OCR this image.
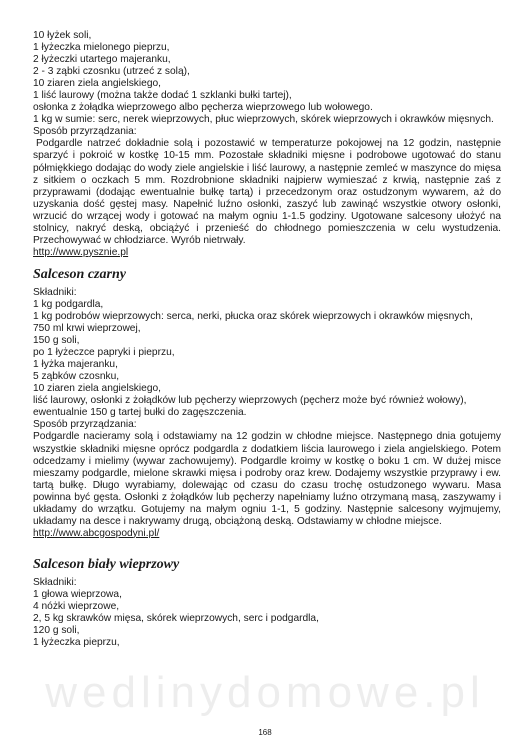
wedlinydomowe.pl
10 łyżek soli,
1 łyżeczka mielonego pieprzu,
2 łyżeczki utartego majeranku,
2 - 3 ząbki czosnku (utrzeć z solą),
10 ziaren ziela angielskiego,
1 liść laurowy (można także dodać 1 szklanki bułki tartej),
osłonka z żołądka wieprzowego albo pęcherza wieprzowego lub wołowego.
1 kg w sumie: serc, nerek wieprzowych, płuc wieprzowych, skórek wieprzowych i okrawków mięsnych.
Sposób przyrządzania:
Podgardle natrzeć dokładnie solą i pozostawić w temperaturze pokojowej na 12 godzin, następnie sparzyć i pokroić w kostkę 10-15 mm. Pozostałe składniki mięsne i podrobowe ugotować do stanu półmiękkiego dodając do wody ziele angielskie i liść laurowy, a następnie zemleć w maszynce do mięsa z sitkiem o oczkach 5 mm. Rozdrobnione składniki najpierw wymieszać z krwią, następnie zaś z przyprawami (dodając ewentualnie bułkę tartą) i przecedzonym oraz ostudzonym wywarem, aż do uzyskania dość gęstej masy. Napełnić luźno osłonki, zaszyć lub zawinąć wszystkie otwory osłonki, wrzucić do wrzącej wody i gotować na małym ogniu 1-1.5 godziny. Ugotowane salcesony ułożyć na stolnicy, nakryć deską, obciążyć i przenieść do chłodnego pomieszczenia w celu wystudzenia. Przechowywać w chłodziarce. Wyrób nietrwały.
http://www.pysznie.pl
Salceson czarny
Składniki:
1 kg podgardla,
1 kg podrobów wieprzowych: serca, nerki, płucka oraz skórek wieprzowych i okrawków mięsnych,
750 ml krwi wieprzowej,
150 g soli,
po 1 łyżeczce papryki i pieprzu,
1 łyżka majeranku,
5 ząbków czosnku,
10 ziaren ziela angielskiego,
liść laurowy, osłonki z żołądków lub pęcherzy wieprzowych (pęcherz może być również wołowy),
ewentualnie 150 g tartej bułki do zagęszczenia.
Sposób przyrządzania:
Podgardle nacieramy solą i odstawiamy na 12 godzin w chłodne miejsce. Następnego dnia gotujemy wszystkie składniki mięsne oprócz podgardla z dodatkiem liścia laurowego i ziela angielskiego. Potem odcedzamy i mielimy (wywar zachowujemy). Podgardle kroimy w kostkę o boku 1 cm. W dużej misce mieszamy podgardle, mielone skrawki mięsa i podroby oraz krew. Dodajemy wszystkie przyprawy i ew. tartą bułkę. Długo wyrabiamy, dolewając od czasu do czasu trochę ostudzonego wywaru. Masa powinna być gęsta. Osłonki z żołądków lub pęcherzy napełniamy luźno otrzymaną masą, zaszywamy i układamy do wrzątku. Gotujemy na małym ogniu 1-1, 5 godziny. Następnie salcesony wyjmujemy, układamy na desce i nakrywamy drugą, obciążoną deską. Odstawiamy w chłodne miejsce.
http://www.abcgospodyni.pl/
Salceson biały wieprzowy
Składniki:
1 głowa wieprzowa,
4 nóżki wieprzowe,
2, 5 kg skrawków mięsa, skórek wieprzowych, serc i podgardla,
120 g soli,
1 łyżeczka pieprzu,
168
